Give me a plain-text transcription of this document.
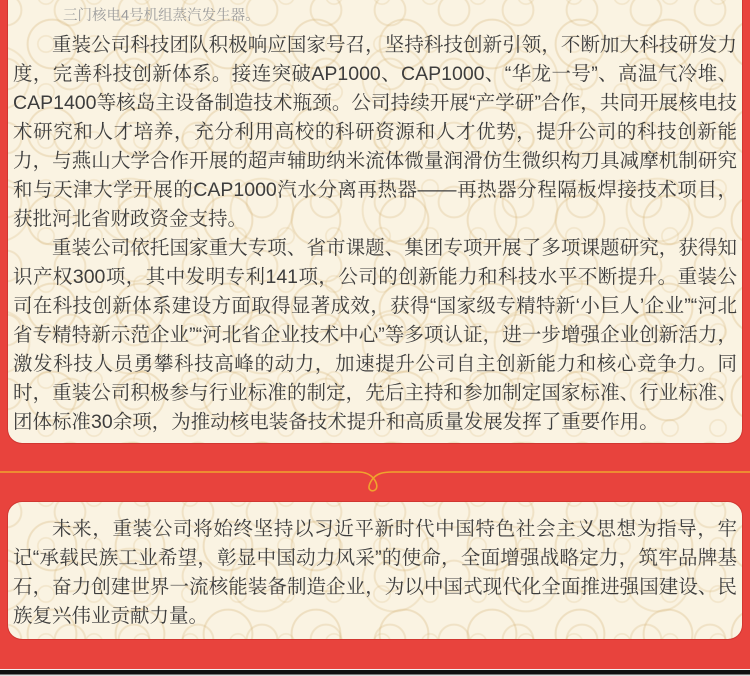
三门核电4号机组蒸汽发生器。

重装公司科技团队积极响应国家号召，坚持科技创新引领，不断加大科技研发力度，完善科技创新体系。接连突破AP1000、CAP1000、“华龙一号”、高温气冷堆、CAP1400等核岛主设备制造技术瓶颈。公司持续开展“产学研”合作，共同开展核电技术研究和人才培养，充分利用高校的科研资源和人才优势，提升公司的科技创新能力，与燕山大学合作开展的超声辅助纳米流体微量润滑仿生微织构刀具减摩机制研究和与天津大学开展的CAP1000汽水分离再热器——再热器分程隔板焊接技术项目，获批河北省财政资金支持。

重装公司依托国家重大专项、省市课题、集团专项开展了多项课题研究，获得知识产权300项，其中发明专利141项，公司的创新能力和科技水平不断提升。重装公司在科技创新体系建设方面取得显著成效，获得“国家级专精特新‘小巨人’企业”“河北省专精特新示范企业”“河北省企业技术中心”等多项认证，进一步增强企业创新活力，激发科技人员勇攀科技高峰的动力，加速提升公司自主创新能力和核心竞争力。同时，重装公司积极参与行业标准的制定，先后主持和参加制定国家标准、行业标准、团体标准30余项，为推动核电装备技术提升和高质量发展发挥了重要作用。

未来，重装公司将始终坚持以习近平新时代中国特色社会主义思想为指导，牢记“承载民族工业希望，彰显中国动力风采”的使命，全面增强战略定力，筑牢品牌基石，奋力创建世界一流核能装备制造企业，为以中国式现代化全面推进强国建设、民族复兴伟业贡献力量。
